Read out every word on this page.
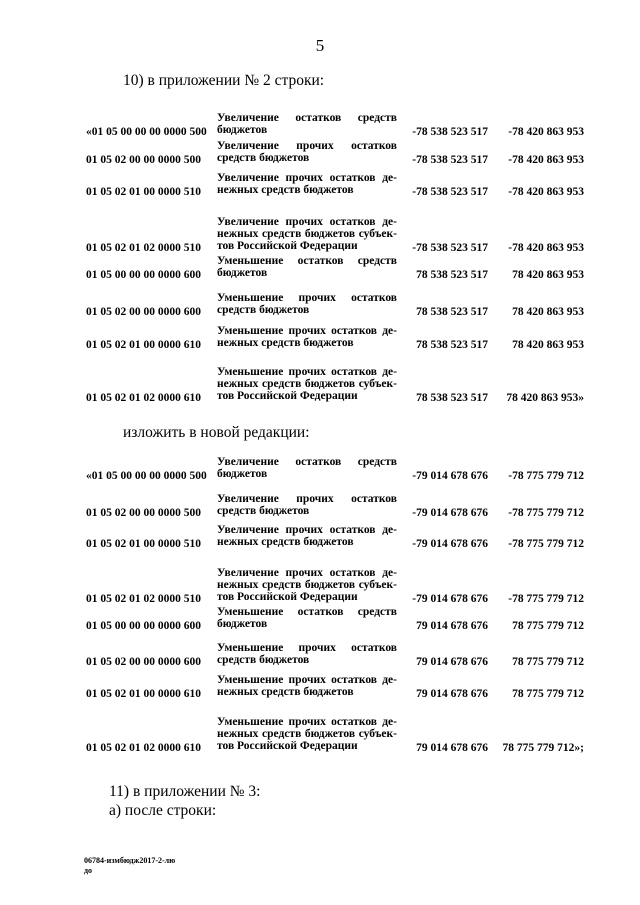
5
10) в приложении № 2 строки:
«01 05 00 00 00 0000 500
Увеличение остатков средств
бюджетов	-78 538 523 517	-78 420 863 953
01 05 02 00 00 0000 500
Увеличение прочих остатков
средств бюджетов	-78 538 523 517	-78 420 863 953
01 05 02 01 00 0000 510
Увеличение прочих остатков де-
нежных средств бюджетов	-78 538 523 517	-78 420 863 953
01 05 02 01 02 0000 510
Увеличение прочих остатков де-
нежных средств бюджетов субъек-
тов Российской Федерации	-78 538 523 517	-78 420 863 953
01 05 00 00 00 0000 600
Уменьшение остатков средств
бюджетов	78 538 523 517	78 420 863 953
01 05 02 00 00 0000 600
Уменьшение прочих остатков
средств бюджетов	78 538 523 517	78 420 863 953
01 05 02 01 00 0000 610
Уменьшение прочих остатков де-
нежных средств бюджетов	78 538 523 517	78 420 863 953
01 05 02 01 02 0000 610
Уменьшение прочих остатков де-
нежных средств бюджетов субъек-
тов Российской Федерации	78 538 523 517	78 420 863 953»
изложить в новой редакции:
«01 05 00 00 00 0000 500
Увеличение остатков средств
бюджетов	-79 014 678 676	-78 775 779 712
01 05 02 00 00 0000 500
Увеличение прочих остатков
средств бюджетов	-79 014 678 676	-78 775 779 712
01 05 02 01 00 0000 510
Увеличение прочих остатков де-
нежных средств бюджетов	-79 014 678 676	-78 775 779 712
01 05 02 01 02 0000 510
Увеличение прочих остатков де-
нежных средств бюджетов субъек-
тов Российской Федерации	-79 014 678 676	-78 775 779 712
01 05 00 00 00 0000 600
Уменьшение остатков средств
бюджетов	79 014 678 676	78 775 779 712
01 05 02 00 00 0000 600
Уменьшение прочих остатков
средств бюджетов	79 014 678 676	78 775 779 712
01 05 02 01 00 0000 610
Уменьшение прочих остатков де-
нежных средств бюджетов	79 014 678 676	78 775 779 712
01 05 02 01 02 0000 610
Уменьшение прочих остатков де-
нежных средств бюджетов субъек-
тов Российской Федерации	79 014 678 676	78 775 779 712»;
11) в приложении № 3:
а) после строки:
06784-измбюдж2017-2-лю
до
